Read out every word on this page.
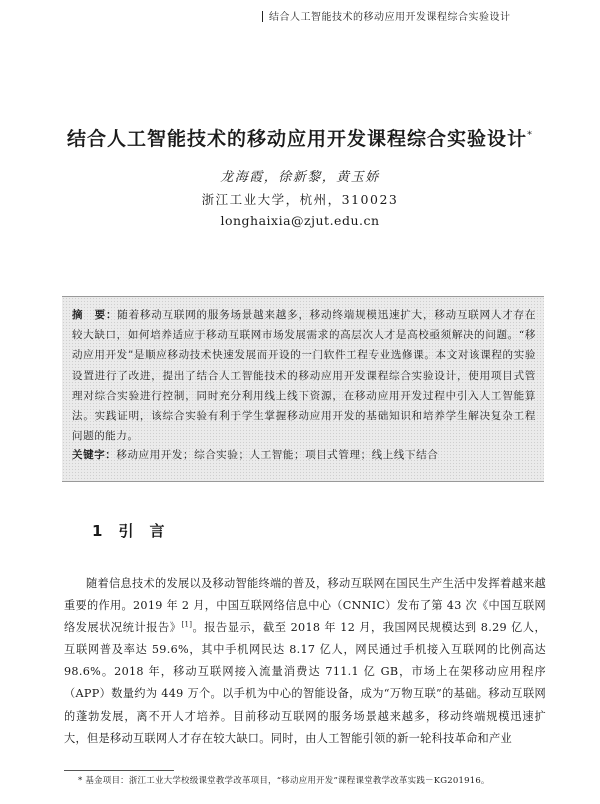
结合人工智能技术的移动应用开发课程综合实验设计
结合人工智能技术的移动应用开发课程综合实验设计*
龙海霞，徐新黎，黄玉娇
浙江工业大学，杭州，310023
longhaixia@zjut.edu.cn
摘　要：随着移动互联网的服务场景越来越多，移动终端规模迅速扩大，移动互联网人才存在较大缺口，如何培养适应于移动互联网市场发展需求的高层次人才是高校亟须解决的问题。“移动应用开发”是顺应移动技术快速发展而开设的一门软件工程专业选修课。本文对该课程的实验设置进行了改进，提出了结合人工智能技术的移动应用开发课程综合实验设计，使用项目式管理对综合实验进行控制，同时充分利用线上线下资源，在移动应用开发过程中引入人工智能算法。实践证明，该综合实验有利于学生掌握移动应用开发的基础知识和培养学生解决复杂工程问题的能力。
关键字：移动应用开发；综合实验；人工智能；项目式管理；线上线下结合
1 引言
随着信息技术的发展以及移动智能终端的普及，移动互联网在国民生产生活中发挥着越来越重要的作用。2019 年 2 月，中国互联网络信息中心（CNNIC）发布了第 43 次《中国互联网络发展状况统计报告》[1]。报告显示，截至 2018 年 12 月，我国网民规模达到 8.29 亿人，互联网普及率达 59.6%，其中手机网民达 8.17 亿人，网民通过手机接入互联网的比例高达 98.6%。2018 年，移动互联网接入流量消费达 711.1 亿 GB，市场上在架移动应用程序（APP）数量约为 449 万个。以手机为中心的智能设备，成为“万物互联”的基础。移动互联网的蓬勃发展，离不开人才培养。目前移动互联网的服务场景越来越多，移动终端规模迅速扩大，但是移动互联网人才存在较大缺口。同时，由人工智能引领的新一轮科技革命和产业
* 基金项目：浙江工业大学校级课堂教学改革项目，“移动应用开发”课程课堂教学改革实践－KG201916。
